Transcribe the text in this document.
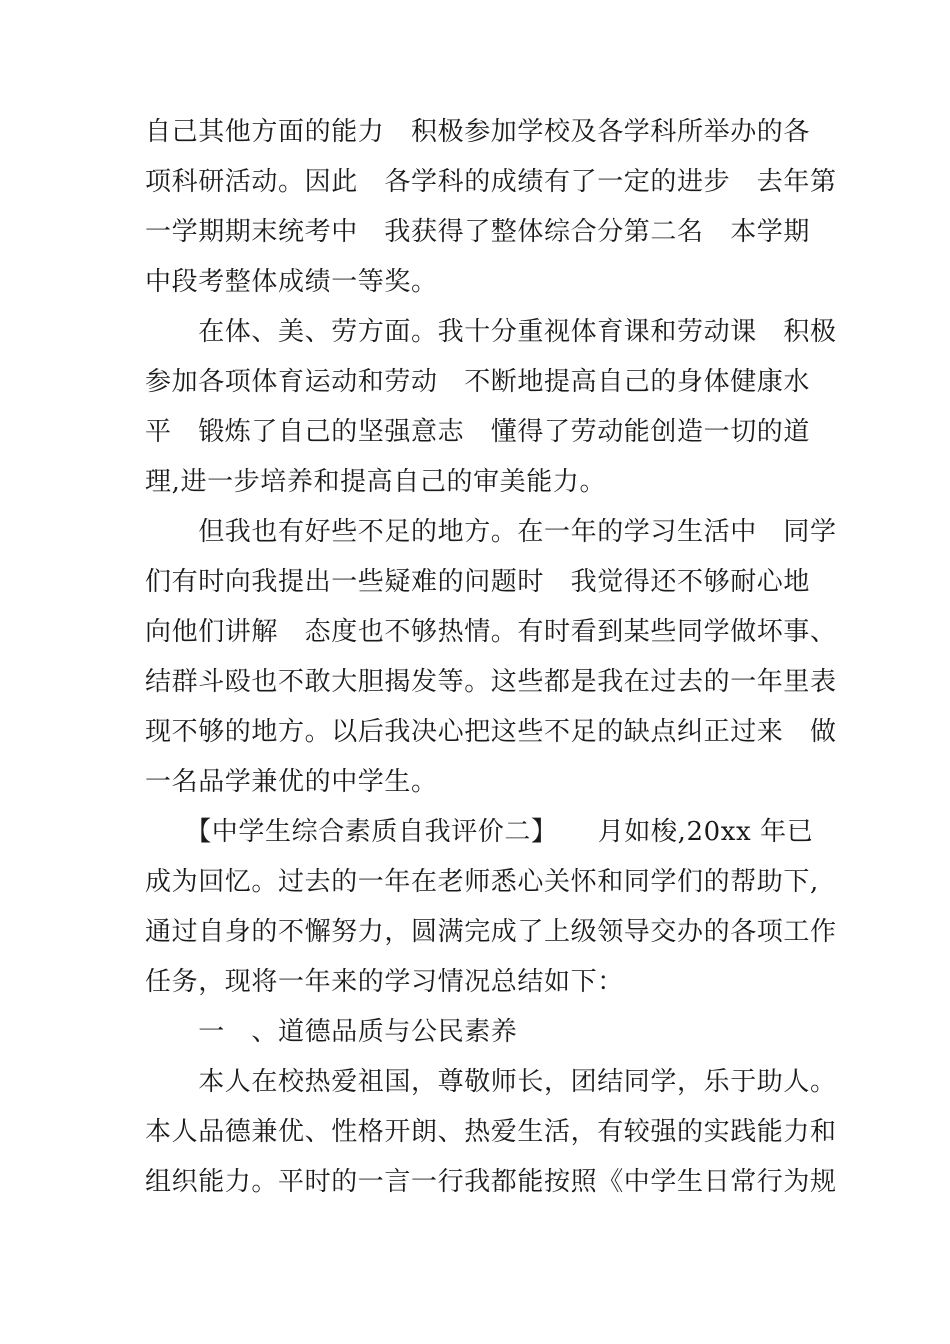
自己其他方面的能力　积极参加学校及各学科所举办的各
项科研活动。因此　各学科的成绩有了一定的进步　去年第
一学期期末统考中　我获得了整体综合分第二名　本学期
中段考整体成绩一等奖。
　　在体、美、劳方面。我十分重视体育课和劳动课　积极
参加各项体育运动和劳动　不断地提高自己的身体健康水
平　锻炼了自己的坚强意志　懂得了劳动能创造一切的道
理,进一步培养和提高自己的审美能力。
　　但我也有好些不足的地方。在一年的学习生活中　同学
们有时向我提出一些疑难的问题时　我觉得还不够耐心地
向他们讲解　态度也不够热情。有时看到某些同学做坏事、
结群斗殴也不敢大胆揭发等。这些都是我在过去的一年里表
现不够的地方。以后我决心把这些不足的缺点纠正过来　做
一名品学兼优的中学生。
　　【中学生综合素质自我评价二】　　月如梭,20xx 年已
成为回忆。过去的一年在老师悉心关怀和同学们的帮助下,
通过自身的不懈努力，圆满完成了上级领导交办的各项工作
任务，现将一年来的学习情况总结如下：
　　一　、道德品质与公民素养
　　本人在校热爱祖国，尊敬师长，团结同学，乐于助人。
本人品德兼优、性格开朗、热爱生活，有较强的实践能力和
组织能力。平时的一言一行我都能按照《中学生日常行为规
